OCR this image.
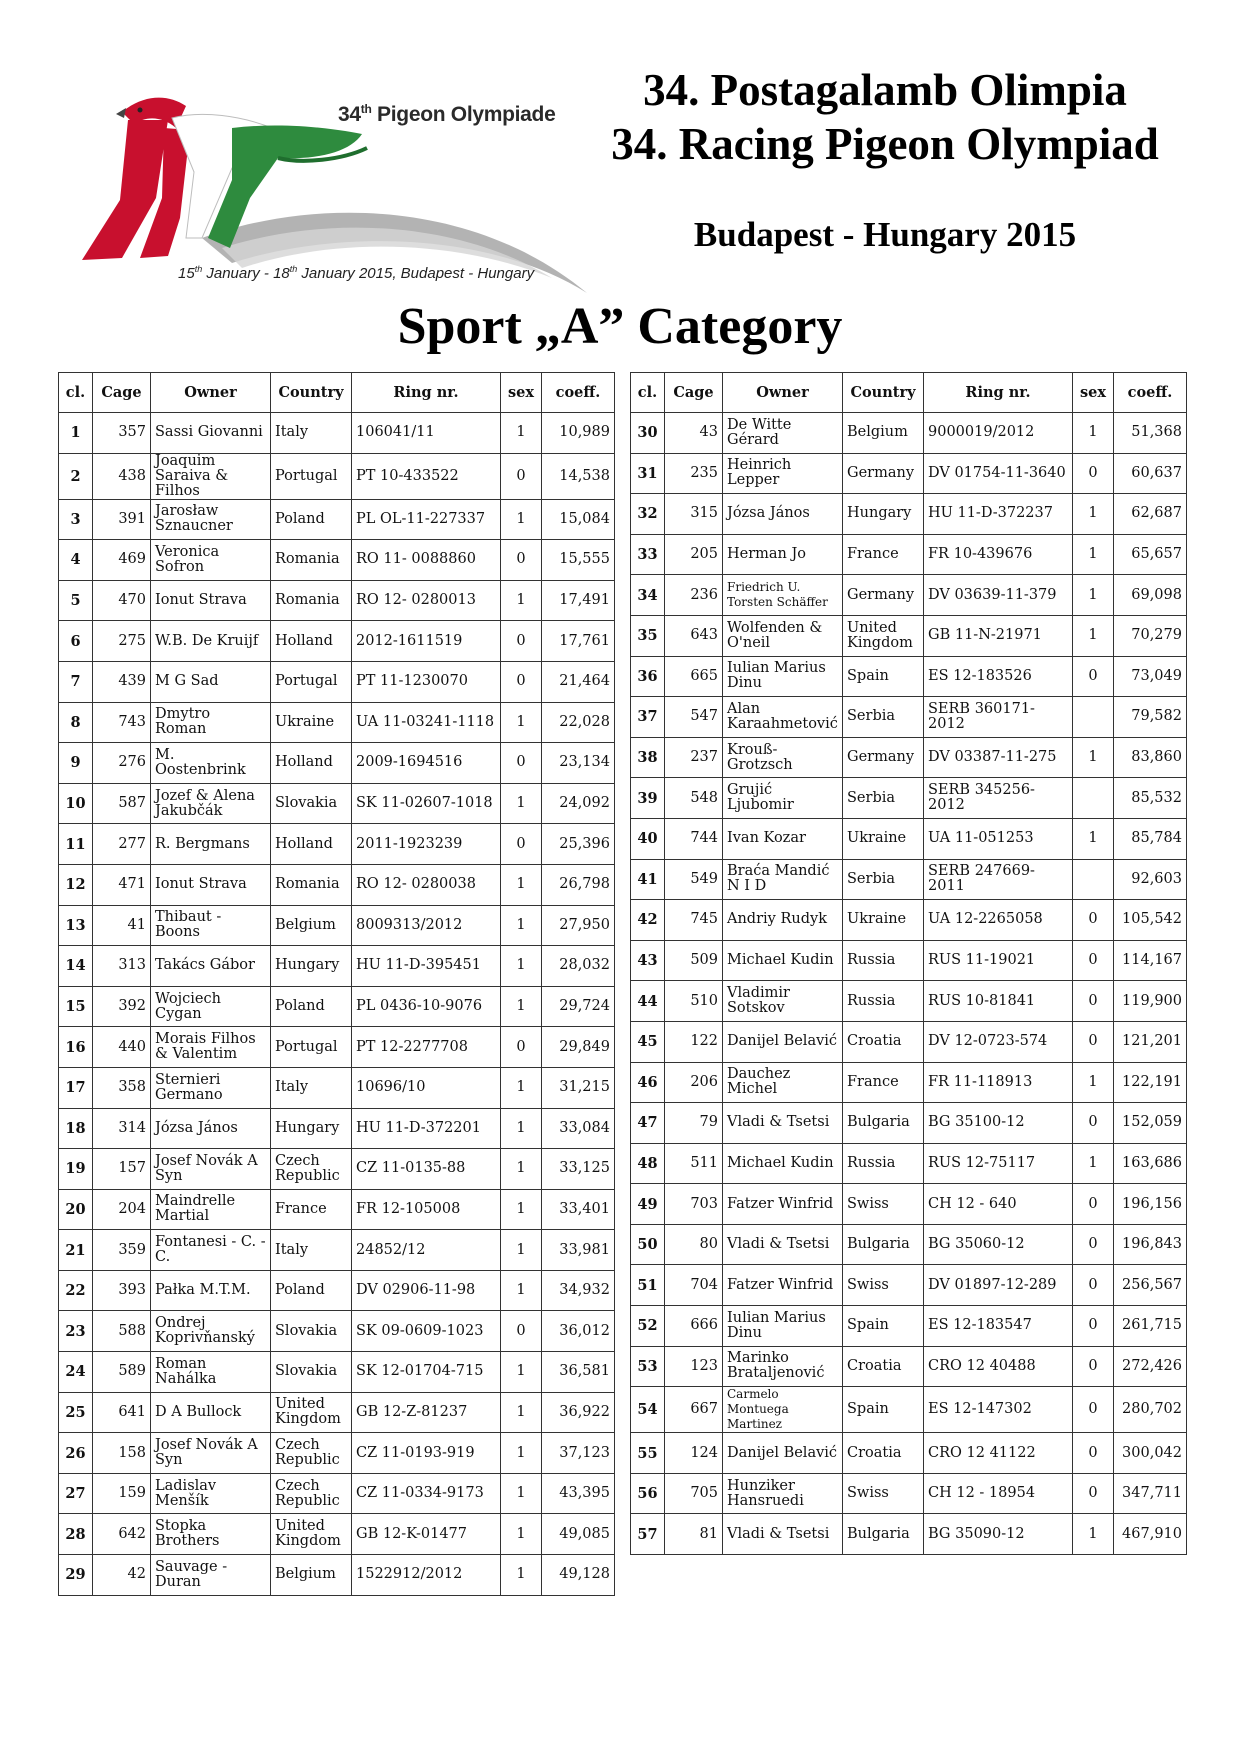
34th Pigeon Olympiade
15th January - 18th January 2015, Budapest - Hungary
34. Postagalamb Olimpia
34. Racing Pigeon Olympiad
Budapest - Hungary 2015
Sport „A” Category
cl.	Cage	Owner	Country	Ring nr.	sex	coeff.
1	357	Sassi Giovanni	Italy	106041/11	1	10,989
2	438	Joaquim Saraiva & Filhos	Portugal	PT 10-433522	0	14,538
3	391	Jarosław Sznaucner	Poland	PL OL-11-227337	1	15,084
4	469	Veronica Sofron	Romania	RO 11- 0088860	0	15,555
5	470	Ionut Strava	Romania	RO 12- 0280013	1	17,491
6	275	W.B. De Kruijf	Holland	2012-1611519	0	17,761
7	439	M G Sad	Portugal	PT 11-1230070	0	21,464
8	743	Dmytro Roman	Ukraine	UA 11-03241-1118	1	22,028
9	276	M. Oostenbrink	Holland	2009-1694516	0	23,134
10	587	Jozef & Alena Jakubčák	Slovakia	SK 11-02607-1018	1	24,092
11	277	R. Bergmans	Holland	2011-1923239	0	25,396
12	471	Ionut Strava	Romania	RO 12- 0280038	1	26,798
13	41	Thibaut - Boons	Belgium	8009313/2012	1	27,950
14	313	Takács Gábor	Hungary	HU 11-D-395451	1	28,032
15	392	Wojciech Cygan	Poland	PL 0436-10-9076	1	29,724
16	440	Morais Filhos & Valentim	Portugal	PT 12-2277708	0	29,849
17	358	Sternieri Germano	Italy	10696/10	1	31,215
18	314	Józsa János	Hungary	HU 11-D-372201	1	33,084
19	157	Josef Novák A Syn	Czech Republic	CZ 11-0135-88	1	33,125
20	204	Maindrelle Martial	France	FR 12-105008	1	33,401
21	359	Fontanesi - C. - C.	Italy	24852/12	1	33,981
22	393	Pałka M.T.M.	Poland	DV 02906-11-98	1	34,932
23	588	Ondrej Koprivňanský	Slovakia	SK 09-0609-1023	0	36,012
24	589	Roman Nahálka	Slovakia	SK 12-01704-715	1	36,581
25	641	D A Bullock	United Kingdom	GB 12-Z-81237	1	36,922
26	158	Josef Novák A Syn	Czech Republic	CZ 11-0193-919	1	37,123
27	159	Ladislav Menšík	Czech Republic	CZ 11-0334-9173	1	43,395
28	642	Stopka Brothers	United Kingdom	GB 12-K-01477	1	49,085
29	42	Sauvage - Duran	Belgium	1522912/2012	1	49,128
cl.	Cage	Owner	Country	Ring nr.	sex	coeff.
30	43	De Witte Gérard	Belgium	9000019/2012	1	51,368
31	235	Heinrich Lepper	Germany	DV 01754-11-3640	0	60,637
32	315	Józsa János	Hungary	HU 11-D-372237	1	62,687
33	205	Herman Jo	France	FR 10-439676	1	65,657
34	236	Friedrich U. Torsten Schäffer	Germany	DV 03639-11-379	1	69,098
35	643	Wolfenden & O'neil	United Kingdom	GB 11-N-21971	1	70,279
36	665	Iulian Marius Dinu	Spain	ES 12-183526	0	73,049
37	547	Alan Karaahmetović	Serbia	SERB 360171-2012		79,582
38	237	Krouß-Grotzsch	Germany	DV 03387-11-275	1	83,860
39	548	Grujić Ljubomir	Serbia	SERB 345256-2012		85,532
40	744	Ivan Kozar	Ukraine	UA 11-051253	1	85,784
41	549	Braća Mandić N I D	Serbia	SERB 247669-2011		92,603
42	745	Andriy Rudyk	Ukraine	UA 12-2265058	0	105,542
43	509	Michael Kudin	Russia	RUS 11-19021	0	114,167
44	510	Vladimir Sotskov	Russia	RUS 10-81841	0	119,900
45	122	Danijel Belavić	Croatia	DV 12-0723-574	0	121,201
46	206	Dauchez Michel	France	FR 11-118913	1	122,191
47	79	Vladi & Tsetsi	Bulgaria	BG 35100-12	0	152,059
48	511	Michael Kudin	Russia	RUS 12-75117	1	163,686
49	703	Fatzer Winfrid	Swiss	CH 12 - 640	0	196,156
50	80	Vladi & Tsetsi	Bulgaria	BG 35060-12	0	196,843
51	704	Fatzer Winfrid	Swiss	DV 01897-12-289	0	256,567
52	666	Iulian Marius Dinu	Spain	ES 12-183547	0	261,715
53	123	Marinko Brataljenović	Croatia	CRO 12 40488	0	272,426
54	667	Carmelo Montuega Martinez	Spain	ES 12-147302	0	280,702
55	124	Danijel Belavić	Croatia	CRO 12 41122	0	300,042
56	705	Hunziker Hansruedi	Swiss	CH 12 - 18954	0	347,711
57	81	Vladi & Tsetsi	Bulgaria	BG 35090-12	1	467,910
